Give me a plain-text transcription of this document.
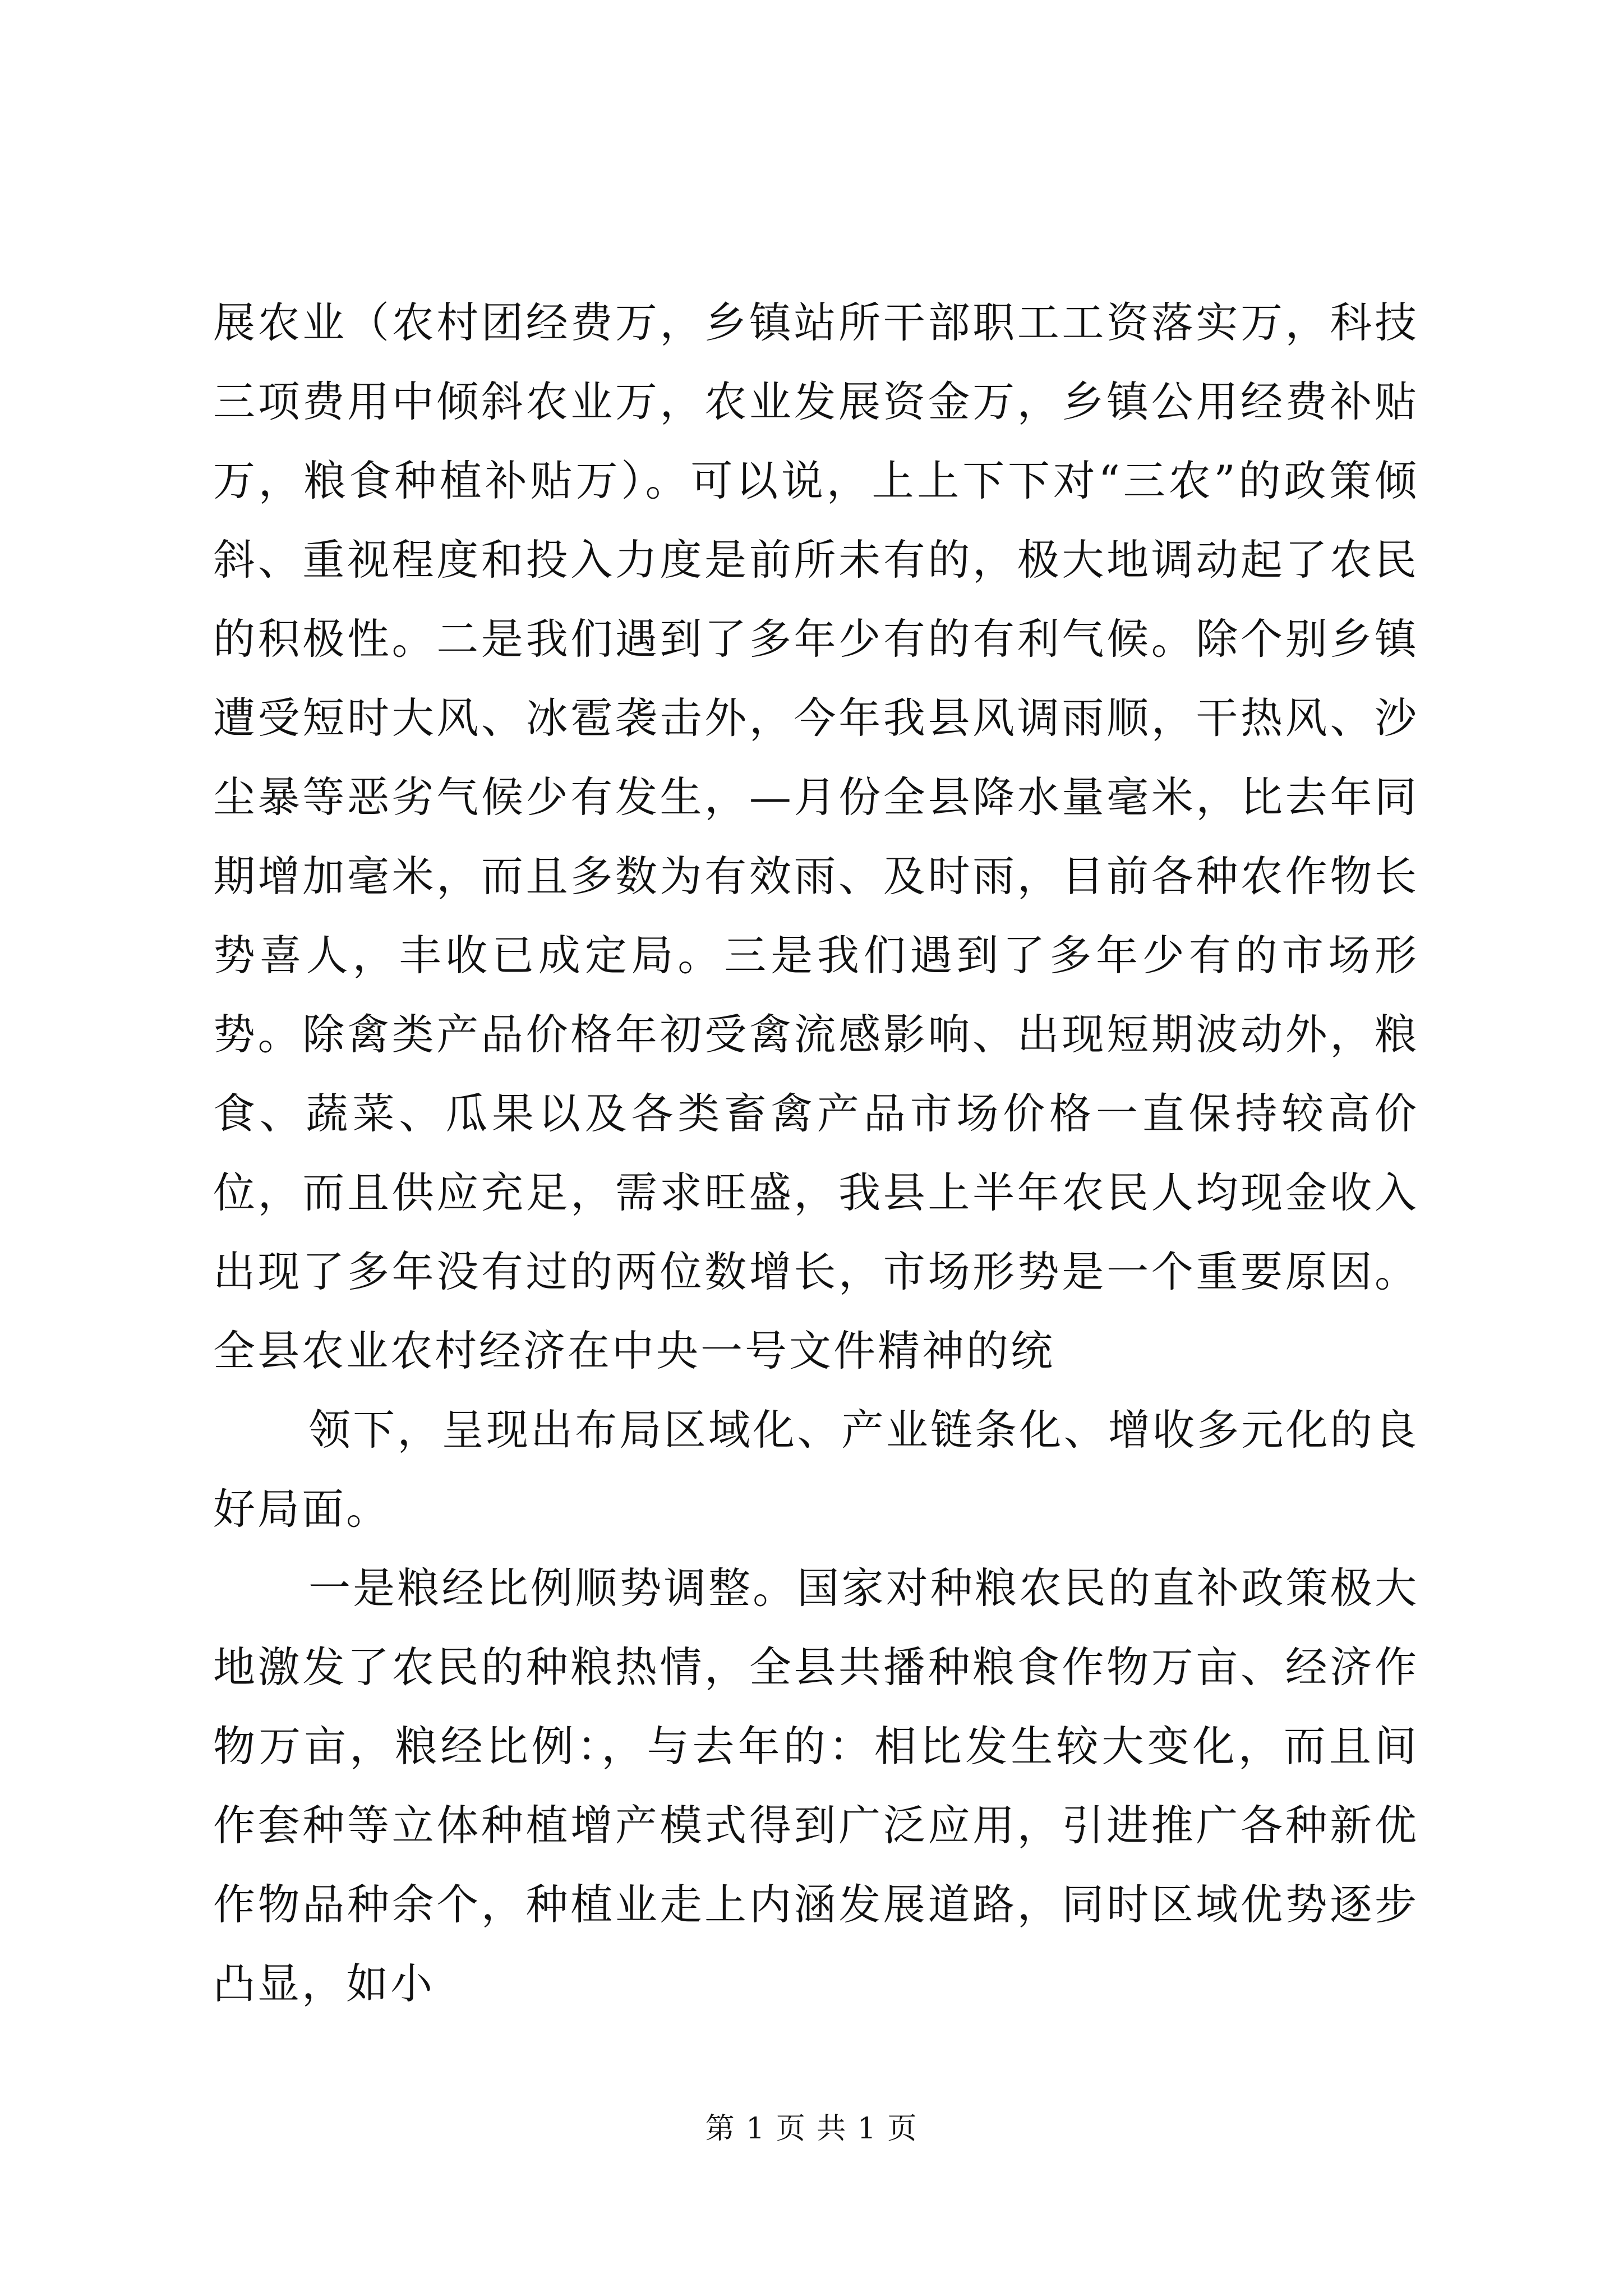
展农业（农村团经费万，乡镇站所干部职工工资落实万，科技三项费用中倾斜农业万，农业发展资金万，乡镇公用经费补贴万，粮食种植补贴万）。可以说，上上下下对“三农”的政策倾斜、重视程度和投入力度是前所未有的，极大地调动起了农民的积极性。二是我们遇到了多年少有的有利气候。除个别乡镇遭受短时大风、冰雹袭击外，今年我县风调雨顺，干热风、沙尘暴等恶劣气候少有发生，—月份全县降水量毫米，比去年同期增加毫米，而且多数为有效雨、及时雨，目前各种农作物长势喜人，丰收已成定局。三是我们遇到了多年少有的市场形势。除禽类产品价格年初受禽流感影响、出现短期波动外，粮食、蔬菜、瓜果以及各类畜禽产品市场价格一直保持较高价位，而且供应充足，需求旺盛，我县上半年农民人均现金收入出现了多年没有过的两位数增长，市场形势是一个重要原因。全县农业农村经济在中央一号文件精神的统

领下，呈现出布局区域化、产业链条化、增收多元化的良好局面。

一是粮经比例顺势调整。国家对种粮农民的直补政策极大地激发了农民的种粮热情，全县共播种粮食作物万亩、经济作物万亩，粮经比例：，与去年的：相比发生较大变化，而且间作套种等立体种植增产模式得到广泛应用，引进推广各种新优作物品种余个，种植业走上内涵发展道路，同时区域优势逐步凸显，如小

第 1 页 共 1 页
